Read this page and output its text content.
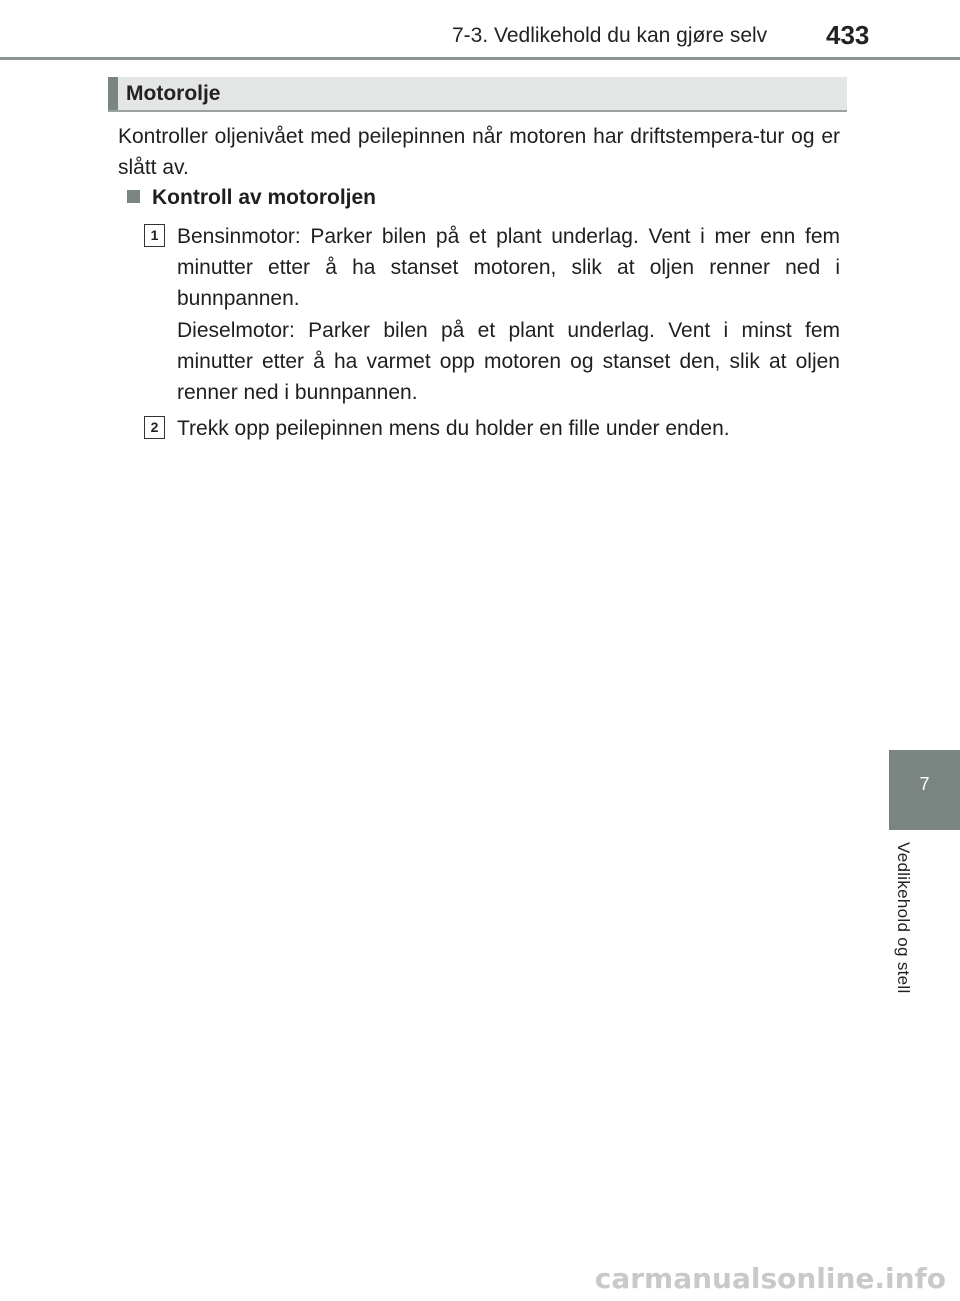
7-3. Vedlikehold du kan gjøre selv 433
Motorolje
Kontroller oljenivået med peilepinnen når motoren har driftstempera-tur og er slått av.
Kontroll av motoroljen
1 Bensinmotor: Parker bilen på et plant underlag. Vent i mer enn fem minutter etter å ha stanset motoren, slik at oljen renner ned i bunnpannen.
Dieselmotor: Parker bilen på et plant underlag. Vent i minst fem minutter etter å ha varmet opp motoren og stanset den, slik at oljen renner ned i bunnpannen.
2 Trekk opp peilepinnen mens du holder en fille under enden.
7
Vedlikehold og stell
carmanualsonline.info
